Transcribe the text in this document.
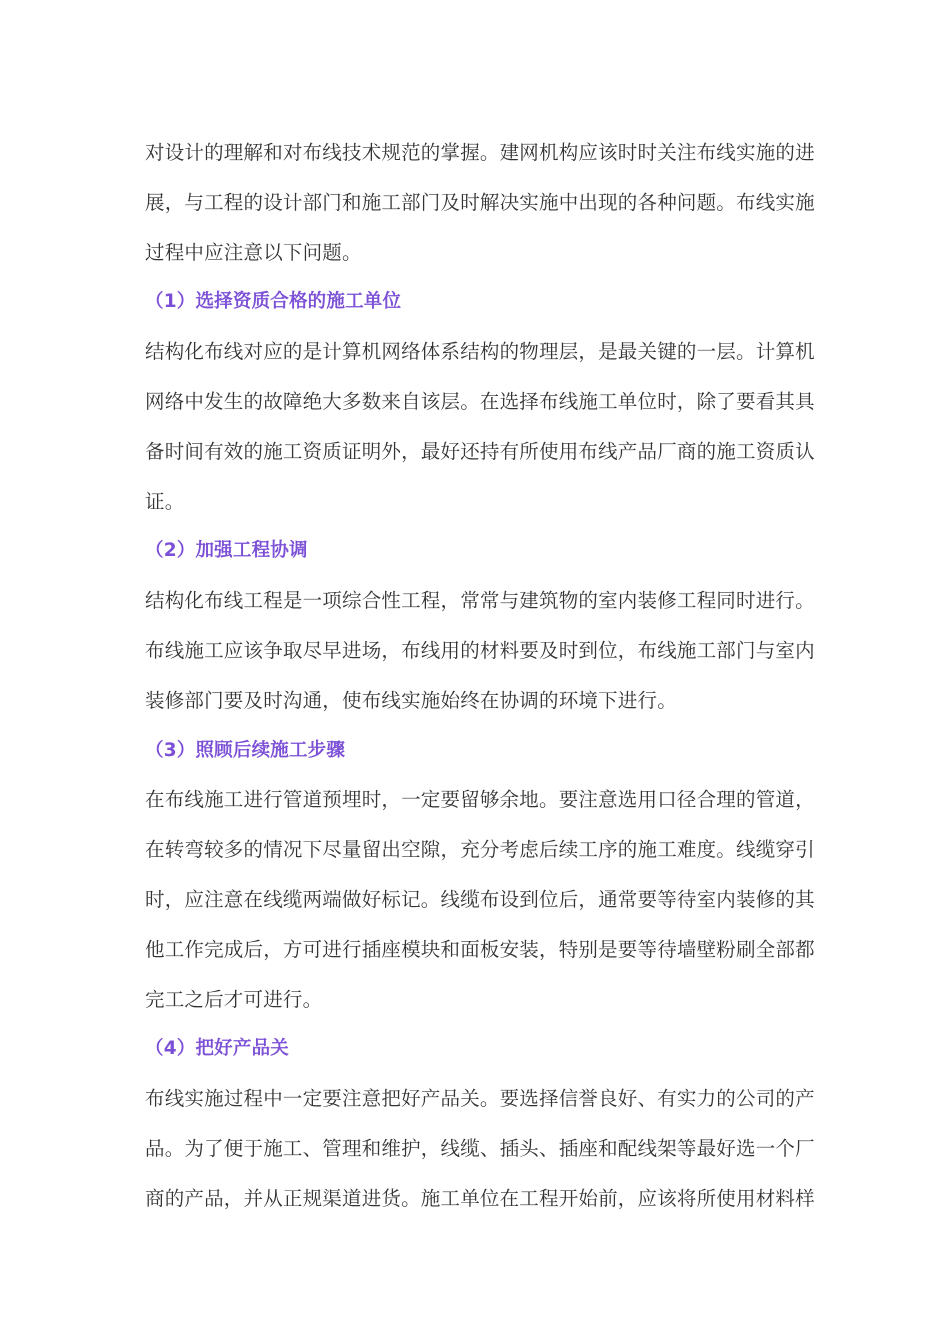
对设计的理解和对布线技术规范的掌握。建网机构应该时时关注布线实施的进
展，与工程的设计部门和施工部门及时解决实施中出现的各种问题。布线实施
过程中应注意以下问题。
（1）选择资质合格的施工单位
结构化布线对应的是计算机网络体系结构的物理层，是最关键的一层。计算机
网络中发生的故障绝大多数来自该层。在选择布线施工单位时，除了要看其具
备时间有效的施工资质证明外，最好还持有所使用布线产品厂商的施工资质认
证。
（2）加强工程协调
结构化布线工程是一项综合性工程，常常与建筑物的室内装修工程同时进行。
布线施工应该争取尽早进场，布线用的材料要及时到位，布线施工部门与室内
装修部门要及时沟通，使布线实施始终在协调的环境下进行。
（3）照顾后续施工步骤
在布线施工进行管道预埋时，一定要留够余地。要注意选用口径合理的管道，
在转弯较多的情况下尽量留出空隙，充分考虑后续工序的施工难度。线缆穿引
时，应注意在线缆两端做好标记。线缆布设到位后，通常要等待室内装修的其
他工作完成后，方可进行插座模块和面板安装，特别是要等待墙壁粉刷全部都
完工之后才可进行。
（4）把好产品关
布线实施过程中一定要注意把好产品关。要选择信誉良好、有实力的公司的产
品。为了便于施工、管理和维护，线缆、插头、插座和配线架等最好选一个厂
商的产品，并从正规渠道进货。施工单位在工程开始前，应该将所使用材料样
